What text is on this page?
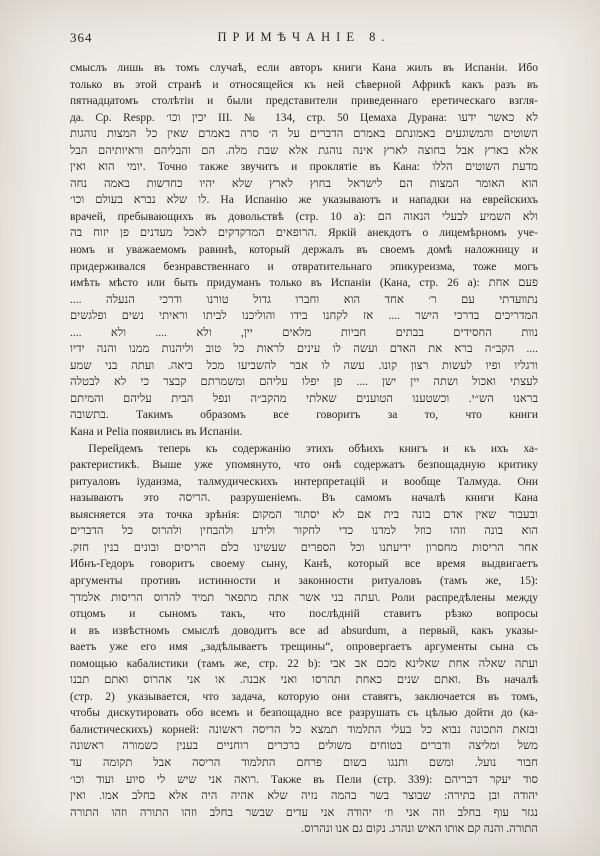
364	ПРИМѢЧАНІЕ 8.
смыслъ лишь въ томъ случаѣ, если авторъ книги Кана жилъ въ Испаніи. Ибо
только въ этой странѣ и относящейся къ ней сѣверной Африкѣ какъ разъ въ
пятнадцатомъ столѣтіи и были представители приведеннаго еретическаго взгля-
да. Ср. Respp. יכין וכו׳ III. № 134, стр. 50 Цемаха Дурана: לא כאשר ידעו
השוטים והמשוגעים באמונתם באמרם הדברים על ה׳ סרה באמרם שאין כל המצות נוהגות
אלא בארץ אבל בחוצה לארץ אינה נוהגת אלא שבת מלה. הם והבליהם וראיותיהם הבל
יומי הוא ואין. Точно также звучитъ и проклятіе въ Кана: מדעת השוטים הללו
הוא האומר המצות הם לישראל בחוץ לארץ שלא יהיו כחדשות באמה נחה
לו שלא נברא בעולם וכו׳. На Испанію же указываютъ и нападки на еврейскихъ
врачей, пребывающихъ въ довольствѣ (стр. 10 a): ולא השמיע לבעלי הנאוה הם
הרופאים המדקדקים לאכל מעדנים פן יזוח בה. Яркій анекдотъ о лицемѣрномъ уче-
номъ и уважаемомъ равинѣ, который держалъ въ своемъ домѣ наложницу и
придерживался безнравственнаго и отвратительнаго эпикуреизма, тоже могъ
имѣть мѣсто или быть придуманъ только въ Испаніи (Кана, стр. 26 a): פעם אחת
נתוועדתי עם ר׳ אחד הוא וחברו גדול טורנו ודרכי הנעלה ....
המדריכים בדרכי הישר .... אז לקחנו בידו והוליכנו לביתו וראיתי נשים ופלגשים
נוות החסידים בבתים חביות מלאים יין, ולא .... ולא ....
.... הקב״ה ברא את האדם ועשה לו עינים לראות כל טוב וליהנות ממנו והנה ידיו
ורגליו ופיו לעשות רצון קונו. עשה לו אבר להשביעו מכל ביאה. ועתה בני שמע
לעצתי ואכול ושתה יין ישן .... פן יפלו עליהם ומשמרתם קבצר כי לא לבטלה
בראנו הש״י. וכשטענו הטוענים שאלתי מהקב״ה ונפל הבית עליהם והמיתם
בתשובה. Такимъ образомъ все говоритъ за то, что книги
Кана и Pelia появились въ Испаніи.
Перейдемъ теперь къ содержанію этихъ обѣихъ книгъ и къ ихъ ха-
рактеристикѣ. Выше уже упомянуто, что онѣ содержатъ безпощадную критику
ритуаловъ іудаизма, талмудическихъ интерпретацій и вообще Талмуда. Они
называютъ это הריסה. разрушеніемъ. Въ самомъ началѣ книги Кана
выясняется эта точка зрѣнія: ובעבור שאין אדם בונה בית אם לא יסתור המקום
הוא בונה וזהו כוזל למדנו כדי לחקור ולידע ולהבחין ולהרוס כל הדברים
אחר הריסות מחסרון ידיעתנו וכל הספרים שעשינו כלם הריסים ובונים בנין חזק.
Ибнъ-Гедоръ говоритъ своему сыну, Канѣ, который все время выдвигаетъ
аргументы противъ истинности и законности ритуаловъ (тамъ же, 15):
ועתה בני אשר אתה מתפאר תמיד להרוס הריסות אלמדך. Роли распредѣлены между
отцомъ и сыномъ такъ, что послѣдній ставитъ рѣзко вопросы
и въ извѣстномъ смыслѣ доводитъ все ad absurdum, а первый, какъ указы-
ваетъ уже его имя „задѣлываетъ трещины“, опровергаетъ аргументы сына съ
помощью кабалистики (тамъ же, стр. 22 b): ועתה שאלה אחת שאלינא מכם אב אבי
ואתם שנים כאחת תהרסו ואני אבנה. או אני אהרוס ואתם תבנו. Въ началѣ
(стр. 2) указывается, что задача, которую они ставятъ, заключается въ томъ,
чтобы дискутировать обо всемъ и безпощадно все разрушать съ цѣлью дойти до (ка-
балистическихъ) корней: ובזאת התכונה נבוא כל בעלי התלמוד תמצא כל הריסה ראשונה
משל ומליצה ודברים בטוחים משולים כרכרים רוחניים בענין כשמורה ראשונה
חבור נועל. ומשם ותנגו בשום פרחם התלמוד הריסה אבל תקומה עד
רואה אני שיש לי סיוע ועוד וכו׳. Также въ Пели (стр. 339): סוד יעקר דבריהם
יהודה ובן בתירה: שבוצר בשר בהמה נזיה שלא אהיה היה אלא בחלב אמו. ואין
נגזר עוף בחלב וזה אני וז׳ יהודה אני עדים שבשר בחלב וזהו התורה וזהו התורה
התורה. והנה קם אותו האיש ונהרג. נקום גם אנו ונהרוס.
